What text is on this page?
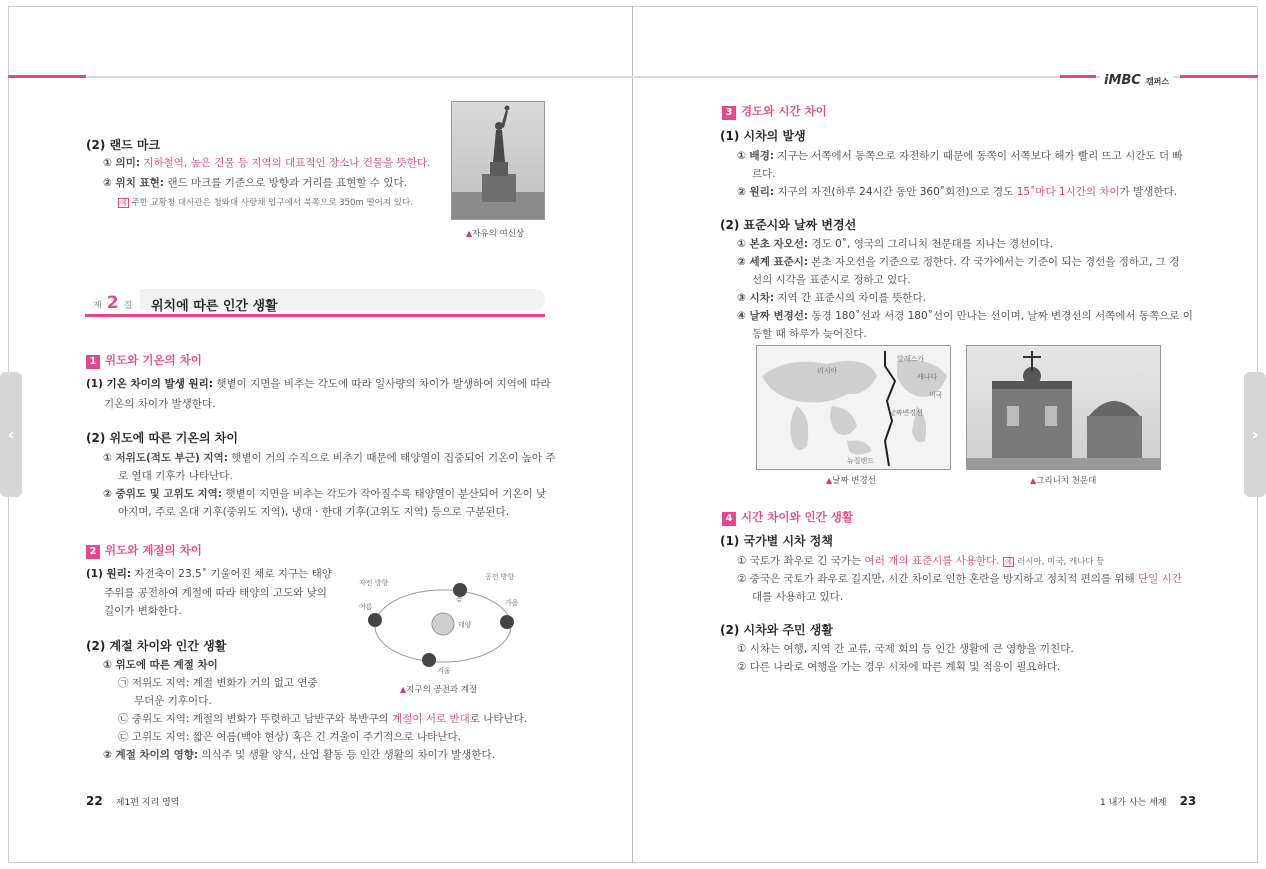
iMBC 캠퍼스
(2) 랜드 마크
① 의미: 지하철역, 높은 건물 등 지역의 대표적인 장소나 건물을 뜻한다.
② 위치 표현: 랜드 마크를 기준으로 방향과 거리를 표현할 수 있다.
예 주한 교황청 대사관은 청와대 사랑채 입구에서 북쪽으로 350m 떨어져 있다.
▲자유의 여신상
제 2 절 위치에 따른 인간 생활
1 위도와 기온의 차이
(1) 기온 차이의 발생 원리: 햇볕이 지면을 비추는 각도에 따라 일사량의 차이가 발생하여 지역에 따라
기온의 차이가 발생한다.
(2) 위도에 따른 기온의 차이
① 저위도(적도 부근) 지역: 햇볕이 거의 수직으로 비추기 때문에 태양열이 집중되어 기온이 높아 주
로 열대 기후가 나타난다.
② 중위도 및 고위도 지역: 햇볕이 지면을 비추는 각도가 작아질수록 태양열이 분산되어 기온이 낮
아지며, 주로 온대 기후(중위도 지역), 냉대 · 한대 기후(고위도 지역) 등으로 구분된다.
2 위도와 계절의 차이
(1) 원리: 자전축이 23.5˚ 기울어진 채로 지구는 태양
주위를 공전하여 계절에 따라 태양의 고도와 낮의
길이가 변화한다.
(2) 계절 차이와 인간 생활
① 위도에 따른 계절 차이
㉠ 저위도 지역: 계절 변화가 거의 없고 연중
무더운 기후이다.
㉡ 중위도 지역: 계절의 변화가 뚜렷하고 남반구와 북반구의 계절이 서로 반대로 나타난다.
㉢ 고위도 지역: 짧은 여름(백야 현상) 혹은 긴 겨울이 주기적으로 나타난다.
② 계절 차이의 영향: 의식주 및 생활 양식, 산업 활동 등 인간 생활의 차이가 발생한다.
자전 방향
공전 방향
봄
여름	가을
겨울
태양
▲지구의 공전과 계절
22 제1편 지리 영역
3 경도와 시간 차이
(1) 시차의 발생
① 배경: 지구는 서쪽에서 동쪽으로 자전하기 때문에 동쪽이 서쪽보다 해가 빨리 뜨고 시간도 더 빠
르다.
② 원리: 지구의 자전(하루 24시간 동안 360˚회전)으로 경도 15˚마다 1시간의 차이가 발생한다.
(2) 표준시와 날짜 변경선
① 본초 자오선: 경도 0˚, 영국의 그리니치 천문대를 지나는 경선이다.
② 세계 표준시: 본초 자오선을 기준으로 정한다. 각 국가에서는 기준이 되는 경선을 정하고, 그 경
선의 시각을 표준시로 정하고 있다.
③ 시차: 지역 간 표준시의 차이를 뜻한다.
④ 날짜 변경선: 동경 180˚선과 서경 180˚선이 만나는 선이며, 날짜 변경선의 서쪽에서 동쪽으로 이
동할 때 하루가 늦어진다.
러시아
알래스카
캐나다
미국
날짜변경선
뉴질랜드
▲날짜 변경선	▲그리니치 천문대
4 시간 차이와 인간 생활
(1) 국가별 시차 정책
① 국토가 좌우로 긴 국가는 여러 개의 표준시를 사용한다. 예 러시아, 미국, 캐나다 등
② 중국은 국토가 좌우로 길지만, 시간 차이로 인한 혼란을 방지하고 정치적 편의를 위해 단일 시간
대를 사용하고 있다.
(2) 시차와 주민 생활
① 시차는 여행, 지역 간 교류, 국제 회의 등 인간 생활에 큰 영향을 끼친다.
② 다른 나라로 여행을 가는 경우 시차에 따른 계획 및 적응이 필요하다.
1 내가 사는 세계 23
‹	›
